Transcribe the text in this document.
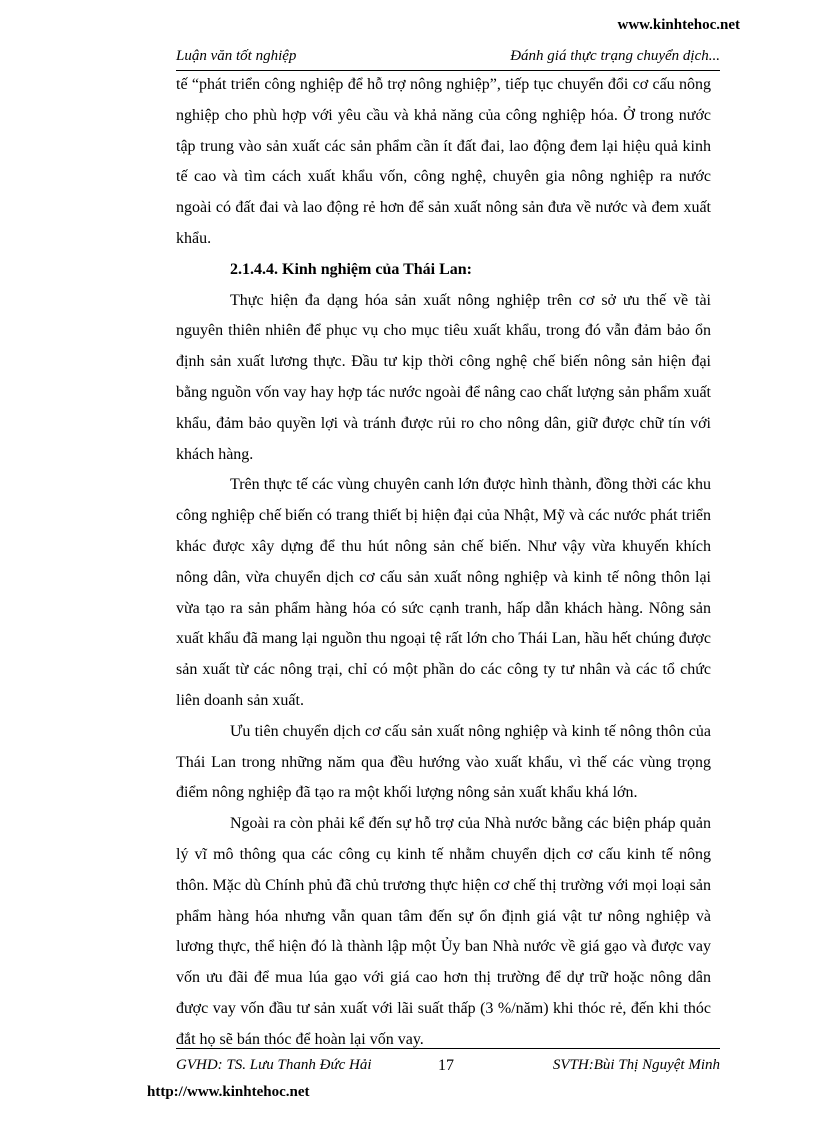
www.kinhtehoc.net
Luận văn tốt nghiệp	Đánh giá thực trạng chuyển dịch...

tế “phát triển công nghiệp để hỗ trợ nông nghiệp”, tiếp tục chuyển đổi cơ cấu nông nghiệp cho phù hợp với yêu cầu và khả năng của công nghiệp hóa. Ở trong nước tập trung vào sản xuất các sản phẩm cần ít đất đai, lao động đem lại hiệu quả kinh tế cao và tìm cách xuất khẩu vốn, công nghệ, chuyên gia nông nghiệp ra nước ngoài có đất đai và lao động rẻ hơn để sản xuất nông sản đưa về nước và đem xuất khẩu.

2.1.4.4. Kinh nghiệm của Thái Lan:

Thực hiện đa dạng hóa sản xuất nông nghiệp trên cơ sở ưu thế về tài nguyên thiên nhiên để phục vụ cho mục tiêu xuất khẩu, trong đó vẫn đảm bảo ổn định sản xuất lương thực. Đầu tư kịp thời công nghệ chế biến nông sản hiện đại bằng nguồn vốn vay hay hợp tác nước ngoài để nâng cao chất lượng sản phẩm xuất khẩu, đảm bảo quyền lợi và tránh được rủi ro cho nông dân, giữ được chữ tín với khách hàng.

Trên thực tế các vùng chuyên canh lớn được hình thành, đồng thời các khu công nghiệp chế biến có trang thiết bị hiện đại của Nhật, Mỹ và các nước phát triển khác được xây dựng để thu hút nông sản chế biến. Như vậy vừa khuyến khích nông dân, vừa chuyển dịch cơ cấu sản xuất nông nghiệp và kinh tế nông thôn lại vừa tạo ra sản phẩm hàng hóa có sức cạnh tranh, hấp dẫn khách hàng. Nông sản xuất khẩu đã mang lại nguồn thu ngoại tệ rất lớn cho Thái Lan, hầu hết chúng được sản xuất từ các nông trại, chỉ có một phần do các công ty tư nhân và các tổ chức liên doanh sản xuất.

Ưu tiên chuyển dịch cơ cấu sản xuất nông nghiệp và kinh tế nông thôn của Thái Lan trong những năm qua đều hướng vào xuất khẩu, vì thế các vùng trọng điểm nông nghiệp đã tạo ra một khối lượng nông sản xuất khẩu khá lớn.

Ngoài ra còn phải kể đến sự hỗ trợ của Nhà nước bằng các biện pháp quản lý vĩ mô thông qua các công cụ kinh tế nhằm chuyển dịch cơ cấu kinh tế nông thôn. Mặc dù Chính phủ đã chủ trương thực hiện cơ chế thị trường với mọi loại sản phẩm hàng hóa nhưng vẫn quan tâm đến sự ổn định giá vật tư nông nghiệp và lương thực, thể hiện đó là thành lập một Ủy ban Nhà nước về giá gạo và được vay vốn ưu đãi để mua lúa gạo với giá cao hơn thị trường để dự trữ hoặc nông dân được vay vốn đầu tư sản xuất với lãi suất thấp (3 %/năm) khi thóc rẻ, đến khi thóc đắt họ sẽ bán thóc để hoàn lại vốn vay.

GVHD: TS. Lưu Thanh Đức Hải	17	SVTH:Bùi Thị Nguyệt Minh
http://www.kinhtehoc.net
